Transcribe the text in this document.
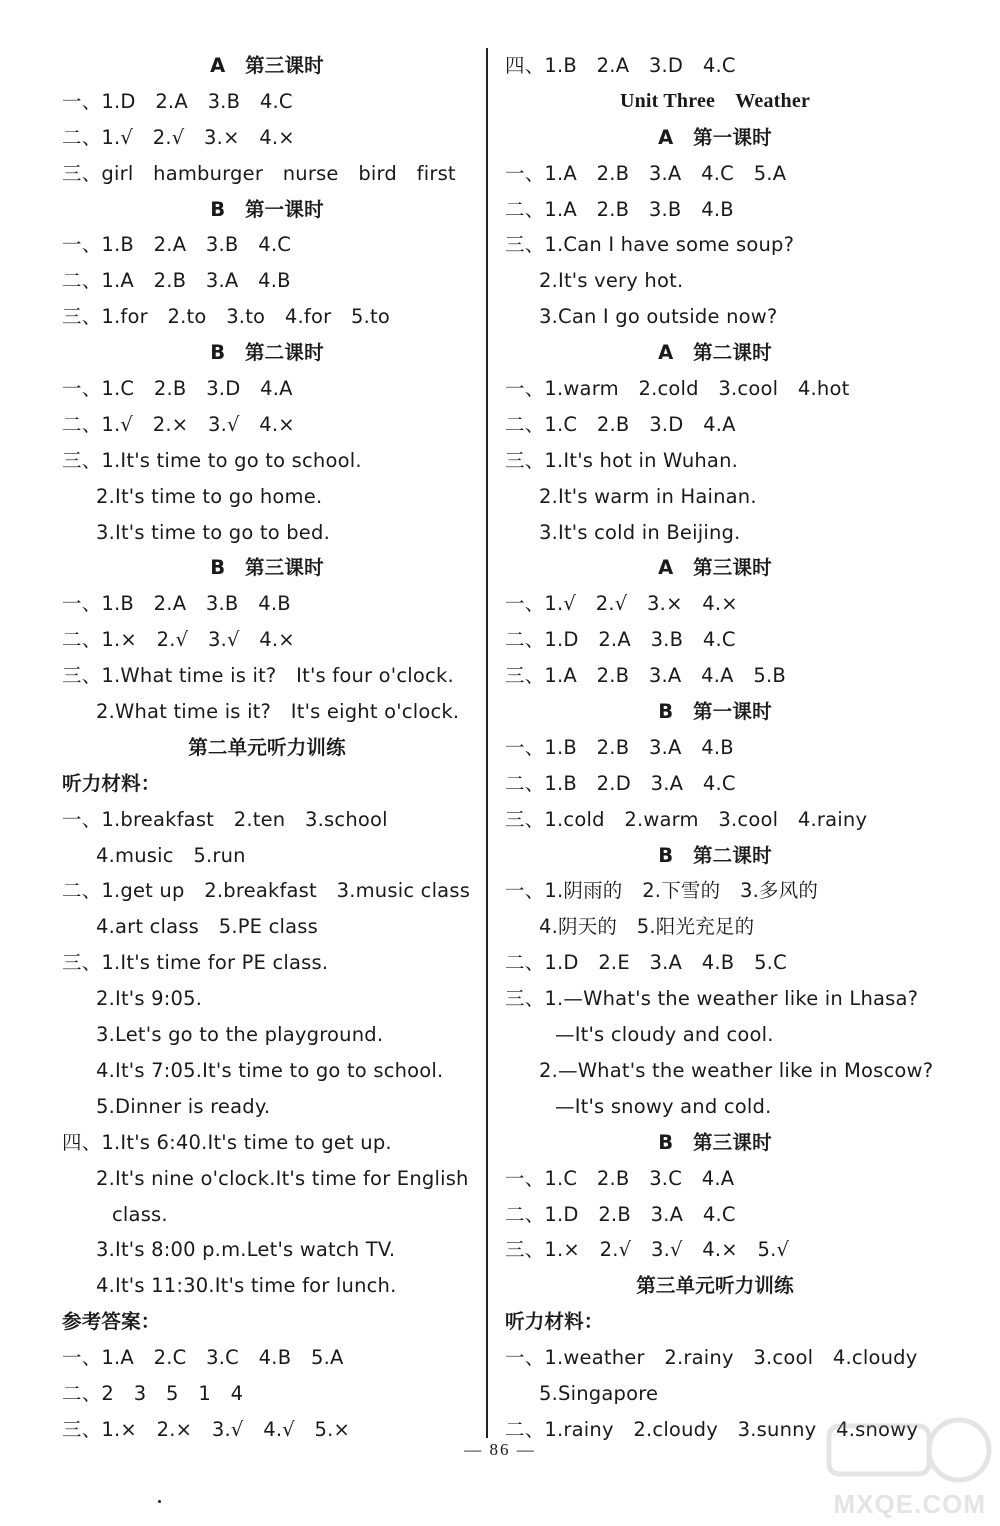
A　第三课时
一、1.D　2.A　3.B　4.C
二、1.√　2.√　3.×　4.×
三、girl　hamburger　nurse　bird　first
B　第一课时
一、1.B　2.A　3.B　4.C
二、1.A　2.B　3.A　4.B
三、1.for　2.to　3.to　4.for　5.to
B　第二课时
一、1.C　2.B　3.D　4.A
二、1.√　2.×　3.√　4.×
三、1.It's time to go to school.
2.It's time to go home.
3.It's time to go to bed.
B　第三课时
一、1.B　2.A　3.B　4.B
二、1.×　2.√　3.√　4.×
三、1.What time is it?　It's four o'clock.
2.What time is it?　It's eight o'clock.
第二单元听力训练
听力材料：
一、1.breakfast　2.ten　3.school
4.music　5.run
二、1.get up　2.breakfast　3.music class
4.art class　5.PE class
三、1.It's time for PE class.
2.It's 9:05.
3.Let's go to the playground.
4.It's 7:05.It's time to go to school.
5.Dinner is ready.
四、1.It's 6:40.It's time to get up.
2.It's nine o'clock.It's time for English
class.
3.It's 8:00 p.m.Let's watch TV.
4.It's 11:30.It's time for lunch.
参考答案：
一、1.A　2.C　3.C　4.B　5.A
二、2　3　5　1　4
三、1.×　2.×　3.√　4.√　5.×
四、1.B　2.A　3.D　4.C
Unit Three　Weather
A　第一课时
一、1.A　2.B　3.A　4.C　5.A
二、1.A　2.B　3.B　4.B
三、1.Can I have some soup?
2.It's very hot.
3.Can I go outside now?
A　第二课时
一、1.warm　2.cold　3.cool　4.hot
二、1.C　2.B　3.D　4.A
三、1.It's hot in Wuhan.
2.It's warm in Hainan.
3.It's cold in Beijing.
A　第三课时
一、1.√　2.√　3.×　4.×
二、1.D　2.A　3.B　4.C
三、1.A　2.B　3.A　4.A　5.B
B　第一课时
一、1.B　2.B　3.A　4.B
二、1.B　2.D　3.A　4.C
三、1.cold　2.warm　3.cool　4.rainy
B　第二课时
一、1.阴雨的　2.下雪的　3.多风的
4.阴天的　5.阳光充足的
二、1.D　2.E　3.A　4.B　5.C
三、1.—What's the weather like in Lhasa?
—It's cloudy and cool.
2.—What's the weather like in Moscow?
—It's snowy and cold.
B　第三课时
一、1.C　2.B　3.C　4.A
二、1.D　2.B　3.A　4.C
三、1.×　2.√　3.√　4.×　5.√
第三单元听力训练
听力材料：
一、1.weather　2.rainy　3.cool　4.cloudy
5.Singapore
二、1.rainy　2.cloudy　3.sunny　4.snowy
— 86 —
MXQE.COM
